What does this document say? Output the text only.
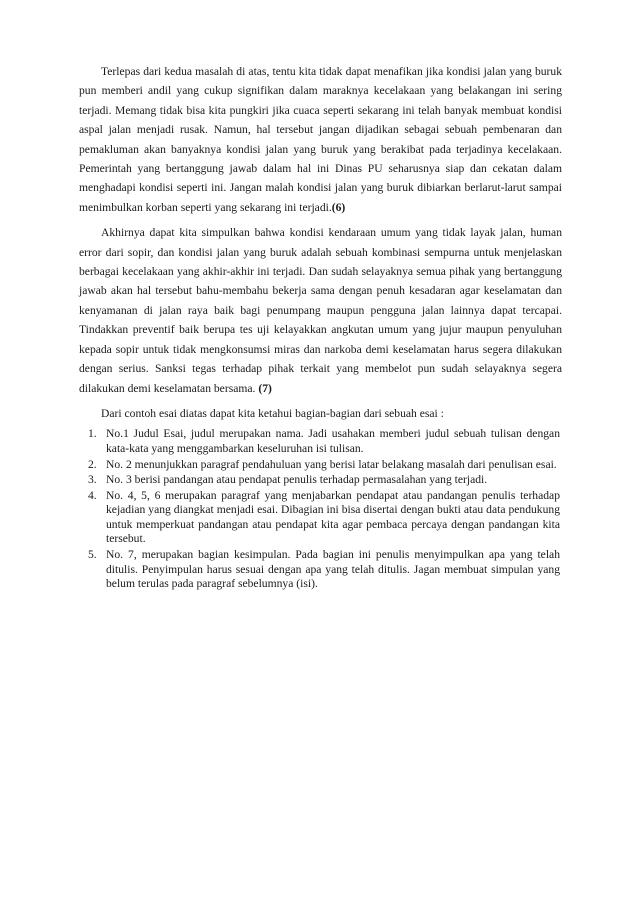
Terlepas dari kedua masalah di atas, tentu kita tidak dapat menafikan jika kondisi jalan yang buruk pun memberi andil yang cukup signifikan dalam maraknya kecelakaan yang belakangan ini sering terjadi. Memang tidak bisa kita pungkiri jika cuaca seperti sekarang ini telah banyak membuat kondisi aspal jalan menjadi rusak. Namun, hal tersebut jangan dijadikan sebagai sebuah pembenaran dan pemakluman akan banyaknya kondisi jalan yang buruk yang berakibat pada terjadinya kecelakaan. Pemerintah yang bertanggung jawab dalam hal ini Dinas PU seharusnya siap dan cekatan dalam menghadapi kondisi seperti ini. Jangan malah kondisi jalan yang buruk dibiarkan berlarut-larut sampai menimbulkan korban seperti yang sekarang ini terjadi.(6)

Akhirnya dapat kita simpulkan bahwa kondisi kendaraan umum yang tidak layak jalan, human error dari sopir, dan kondisi jalan yang buruk adalah sebuah kombinasi sempurna untuk menjelaskan berbagai kecelakaan yang akhir-akhir ini terjadi. Dan sudah selayaknya semua pihak yang bertanggung jawab akan hal tersebut bahu-membahu bekerja sama dengan penuh kesadaran agar keselamatan dan kenyamanan di jalan raya baik bagi penumpang maupun pengguna jalan lainnya dapat tercapai. Tindakkan preventif baik berupa tes uji kelayakkan angkutan umum yang jujur maupun penyuluhan kepada sopir untuk tidak mengkonsumsi miras dan narkoba demi keselamatan harus segera dilakukan dengan serius. Sanksi tegas terhadap pihak terkait yang membelot pun sudah selayaknya segera dilakukan demi keselamatan bersama. (7)

Dari contoh esai diatas dapat kita ketahui bagian-bagian dari sebuah esai :

1. No.1 Judul Esai, judul merupakan nama. Jadi usahakan memberi judul sebuah tulisan dengan kata-kata yang menggambarkan keseluruhan isi tulisan.
2. No. 2 menunjukkan paragraf pendahuluan yang berisi latar belakang masalah dari penulisan esai.
3. No. 3 berisi pandangan atau pendapat penulis terhadap permasalahan yang terjadi.
4. No. 4, 5, 6 merupakan paragraf yang menjabarkan pendapat atau pandangan penulis terhadap kejadian yang diangkat menjadi esai. Dibagian ini bisa disertai dengan bukti atau data pendukung untuk memperkuat pandangan atau pendapat kita agar pembaca percaya dengan pandangan kita tersebut.
5. No. 7, merupakan bagian kesimpulan. Pada bagian ini penulis menyimpulkan apa yang telah ditulis. Penyimpulan harus sesuai dengan apa yang telah ditulis. Jagan membuat simpulan yang belum terulas pada paragraf sebelumnya (isi).
